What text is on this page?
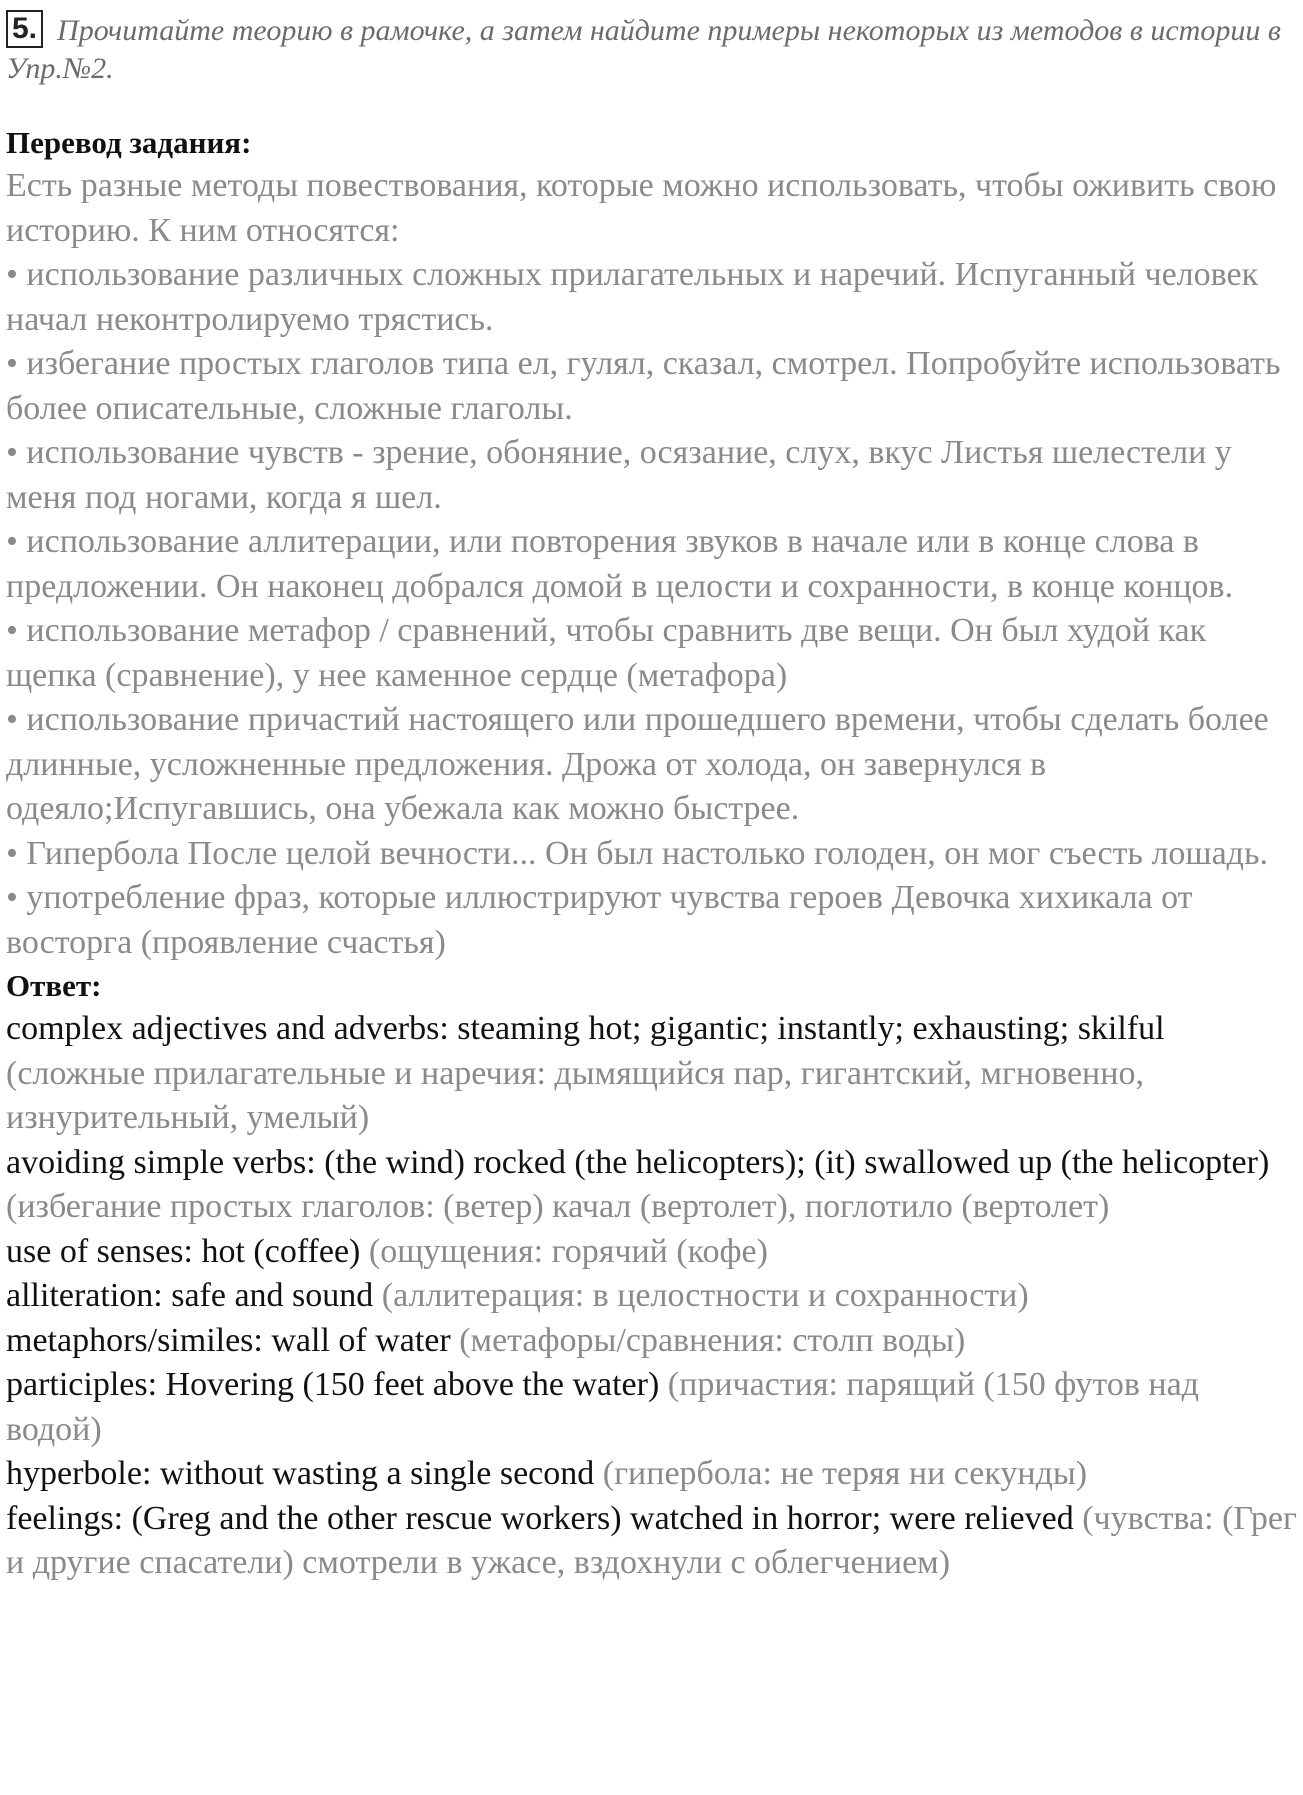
5. Прочитайте теорию в рамочке, а затем найдите примеры некоторых из методов в истории в Упр.№2.

Перевод задания:

Есть разные методы повествования, которые можно использовать, чтобы оживить свою историю. К ним относятся:

• использование различных сложных прилагательных и наречий. Испуганный человек начал неконтролируемо трястись.

• избегание простых глаголов типа ел, гулял, сказал, смотрел. Попробуйте использовать более описательные, сложные глаголы.

• использование чувств - зрение, обоняние, осязание, слух, вкус Листья шелестели у меня под ногами, когда я шел.

• использование аллитерации, или повторения звуков в начале или в конце слова в предложении. Он наконец добрался домой в целости и сохранности, в конце концов.

• использование метафор / сравнений, чтобы сравнить две вещи. Он был худой как щепка (сравнение), у нее каменное сердце (метафора)

• использование причастий настоящего или прошедшего времени, чтобы сделать более длинные, усложненные предложения. Дрожа от холода, он завернулся в одеяло;Испугавшись, она убежала как можно быстрее.

• Гипербола После целой вечности... Он был настолько голоден, он мог съесть лошадь.

• употребление фраз, которые иллюстрируют чувства героев Девочка хихикала от восторга (проявление счастья)

Ответ:

complex adjectives and adverbs: steaming hot; gigantic; instantly; exhausting; skilful (сложные прилагательные и наречия: дымящийся пар, гигантский, мгновенно, изнурительный, умелый)

avoiding simple verbs: (the wind) rocked (the helicopters); (it) swallowed up (the helicopter) (избегание простых глаголов: (ветер) качал (вертолет), поглотило (вертолет)

use of senses: hot (coffee) (ощущения: горячий (кофе)

alliteration: safe and sound (аллитерация: в целостности и сохранности)

metaphors/similes: wall of water (метафоры/сравнения: столп воды)

participles: Hovering (150 feet above the water) (причастия: парящий (150 футов над водой)

hyperbole: without wasting a single second (гипербола: не теряя ни секунды)

feelings: (Greg and the other rescue workers) watched in horror; were relieved (чувства: (Грег и другие спасатели) смотрели в ужасе, вздохнули с облегчением)
